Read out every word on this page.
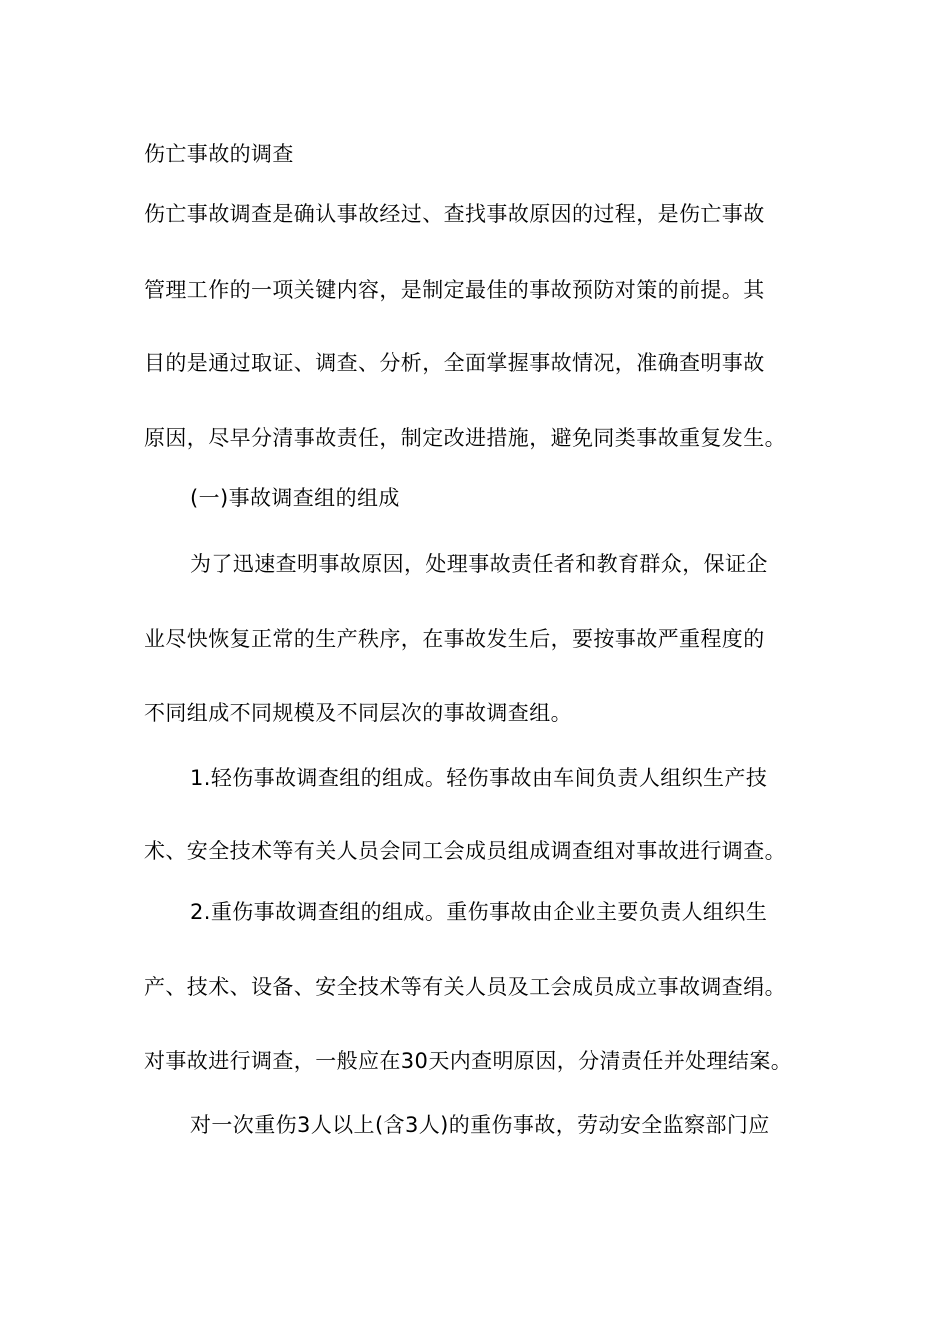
伤亡事故的调查
伤亡事故调查是确认事故经过、查找事故原因的过程，是伤亡事故
管理工作的一项关键内容，是制定最佳的事故预防对策的前提。其
目的是通过取证、调查、分析，全面掌握事故情况，准确查明事故
原因，尽早分清事故责任，制定改进措施，避免同类事故重复发生。
(一)事故调查组的组成
为了迅速查明事故原因，处理事故责任者和教育群众，保证企
业尽快恢复正常的生产秩序，在事故发生后，要按事故严重程度的
不同组成不同规模及不同层次的事故调查组。
1.轻伤事故调查组的组成。轻伤事故由车间负责人组织生产技
术、安全技术等有关人员会同工会成员组成调查组对事故进行调查。
2.重伤事故调查组的组成。重伤事故由企业主要负责人组织生
产、技术、设备、安全技术等有关人员及工会成员成立事故调查绢。
对事故进行调查，一般应在30天内查明原因，分清责任并处理结案。
对一次重伤3人以上(含3人)的重伤事故，劳动安全监察部门应
